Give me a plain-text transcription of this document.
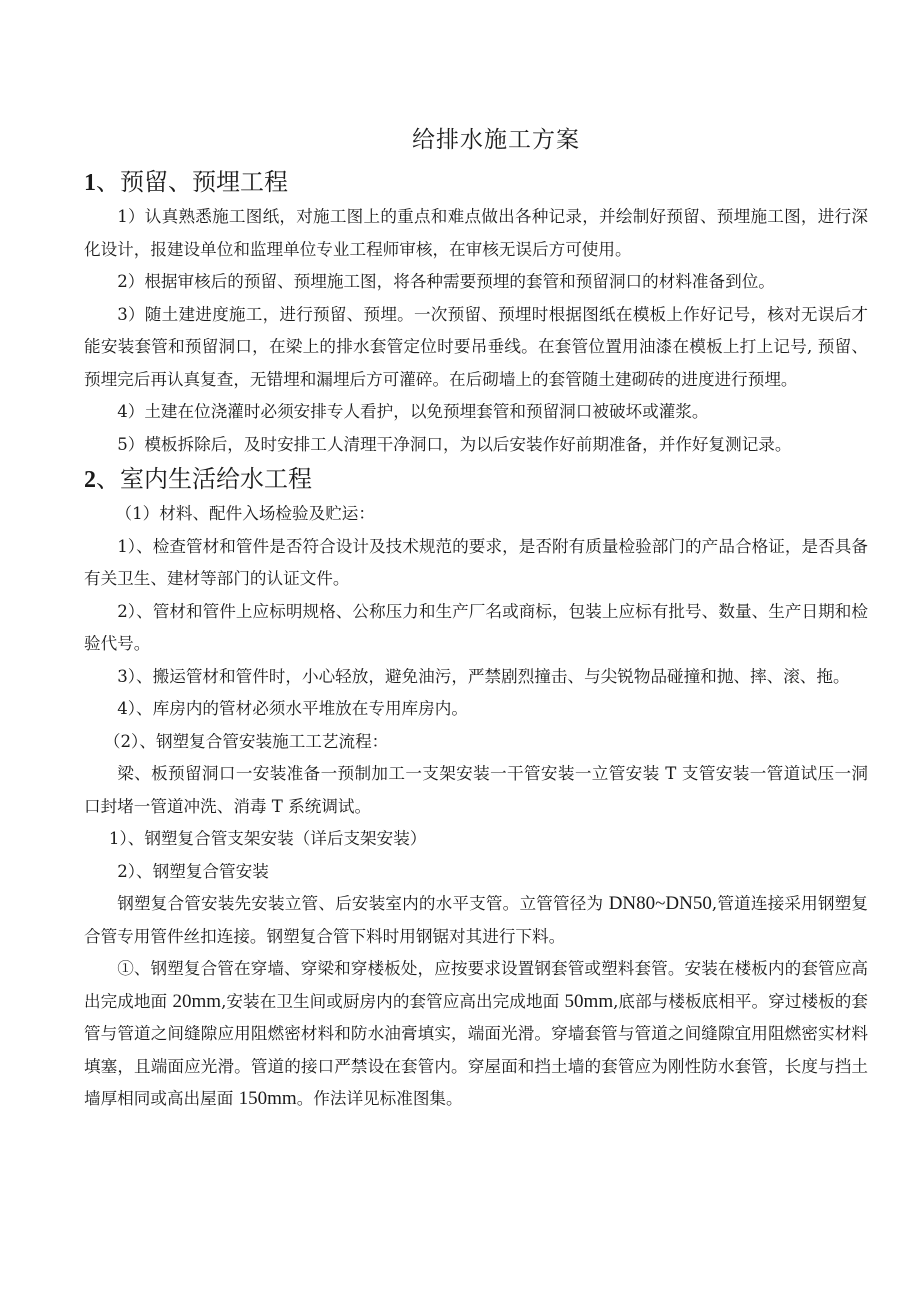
给排水施工方案
1、预留、预埋工程

1）认真熟悉施工图纸，对施工图上的重点和难点做出各种记录，并绘制好预留、预埋施工图，进行深化设计，报建设单位和监理单位专业工程师审核，在审核无误后方可使用。

2）根据审核后的预留、预埋施工图，将各种需要预埋的套管和预留洞口的材料准备到位。

3）随土建进度施工，进行预留、预埋。一次预留、预埋时根据图纸在模板上作好记号，核对无误后才能安装套管和预留洞口，在梁上的排水套管定位时要吊垂线。在套管位置用油漆在模板上打上记号, 预留、预埋完后再认真复查，无错埋和漏埋后方可灌碎。在后砌墙上的套管随土建砌砖的进度进行预埋。

4）土建在位浇灌时必须安排专人看护，以免预埋套管和预留洞口被破坏或灌浆。

5）模板拆除后，及时安排工人清理干净洞口，为以后安装作好前期准备，并作好复测记录。

2、室内生活给水工程

（1）材料、配件入场检验及贮运：

1）、检查管材和管件是否符合设计及技术规范的要求，是否附有质量检验部门的产品合格证，是否具备有关卫生、建材等部门的认证文件。

2）、管材和管件上应标明规格、公称压力和生产厂名或商标，包装上应标有批号、数量、生产日期和检验代号。

3）、搬运管材和管件时，小心轻放，避免油污，严禁剧烈撞击、与尖锐物品碰撞和抛、摔、滚、拖。

4）、库房内的管材必须水平堆放在专用库房内。

（2）、钢塑复合管安装施工工艺流程：

梁、板预留洞口一安装准备一预制加工一支架安装一干管安装一立管安装 T 支管安装一管道试压一洞口封堵一管道冲洗、消毒 T 系统调试。

1）、钢塑复合管支架安装（详后支架安装）

2）、钢塑复合管安装

钢塑复合管安装先安装立管、后安装室内的水平支管。立管管径为 DN80~DN50,管道连接采用钢塑复合管专用管件丝扣连接。钢塑复合管下料时用钢锯对其进行下料。

①、钢塑复合管在穿墙、穿梁和穿楼板处，应按要求设置钢套管或塑料套管。安装在楼板内的套管应高出完成地面 20mm,安装在卫生间或厨房内的套管应高出完成地面 50mm,底部与楼板底相平。穿过楼板的套管与管道之间缝隙应用阻燃密材料和防水油膏填实，端面光滑。穿墙套管与管道之间缝隙宜用阻燃密实材料填塞，且端面应光滑。管道的接口严禁设在套管内。穿屋面和挡土墙的套管应为刚性防水套管，长度与挡土墙厚相同或高出屋面 150mm。作法详见标准图集。
